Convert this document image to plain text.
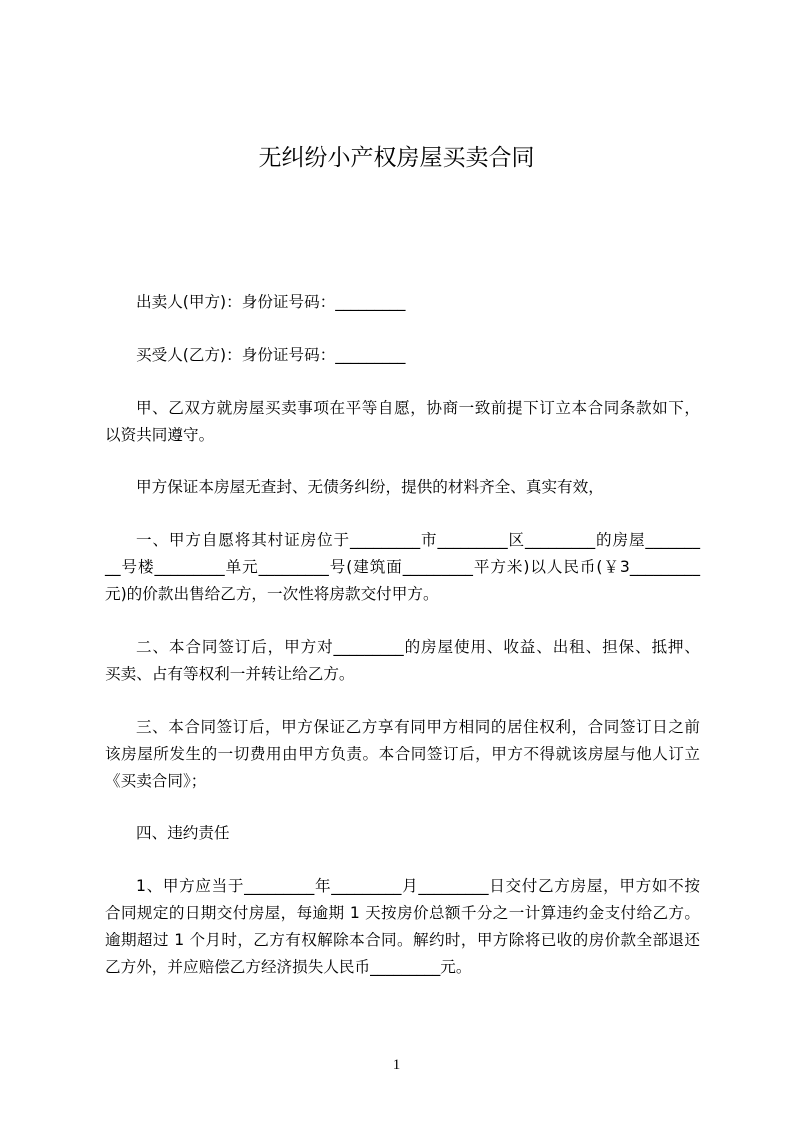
无纠纷小产权房屋买卖合同
出卖人(甲方)：身份证号码：_________
买受人(乙方)：身份证号码：_________
甲、乙双方就房屋买卖事项在平等自愿，协商一致前提下订立本合同条款如下，
以资共同遵守。
甲方保证本房屋无查封、无债务纠纷，提供的材料齐全、真实有效，
一、甲方自愿将其村证房位于_________市_________区_________的房屋_______
__号楼_________单元_________号(建筑面_________平方米)以人民币(￥3_________
元)的价款出售给乙方，一次性将房款交付甲方。
二、本合同签订后，甲方对_________的房屋使用、收益、出租、担保、抵押、
买卖、占有等权利一并转让给乙方。
三、本合同签订后，甲方保证乙方享有同甲方相同的居住权利，合同签订日之前
该房屋所发生的一切费用由甲方负责。本合同签订后，甲方不得就该房屋与他人订立
《买卖合同》；
四、违约责任
1、甲方应当于_________年_________月_________日交付乙方房屋，甲方如不按
合同规定的日期交付房屋，每逾期 1 天按房价总额千分之一计算违约金支付给乙方。
逾期超过 1 个月时，乙方有权解除本合同。解约时，甲方除将已收的房价款全部退还
乙方外，并应赔偿乙方经济损失人民币_________元。
1
